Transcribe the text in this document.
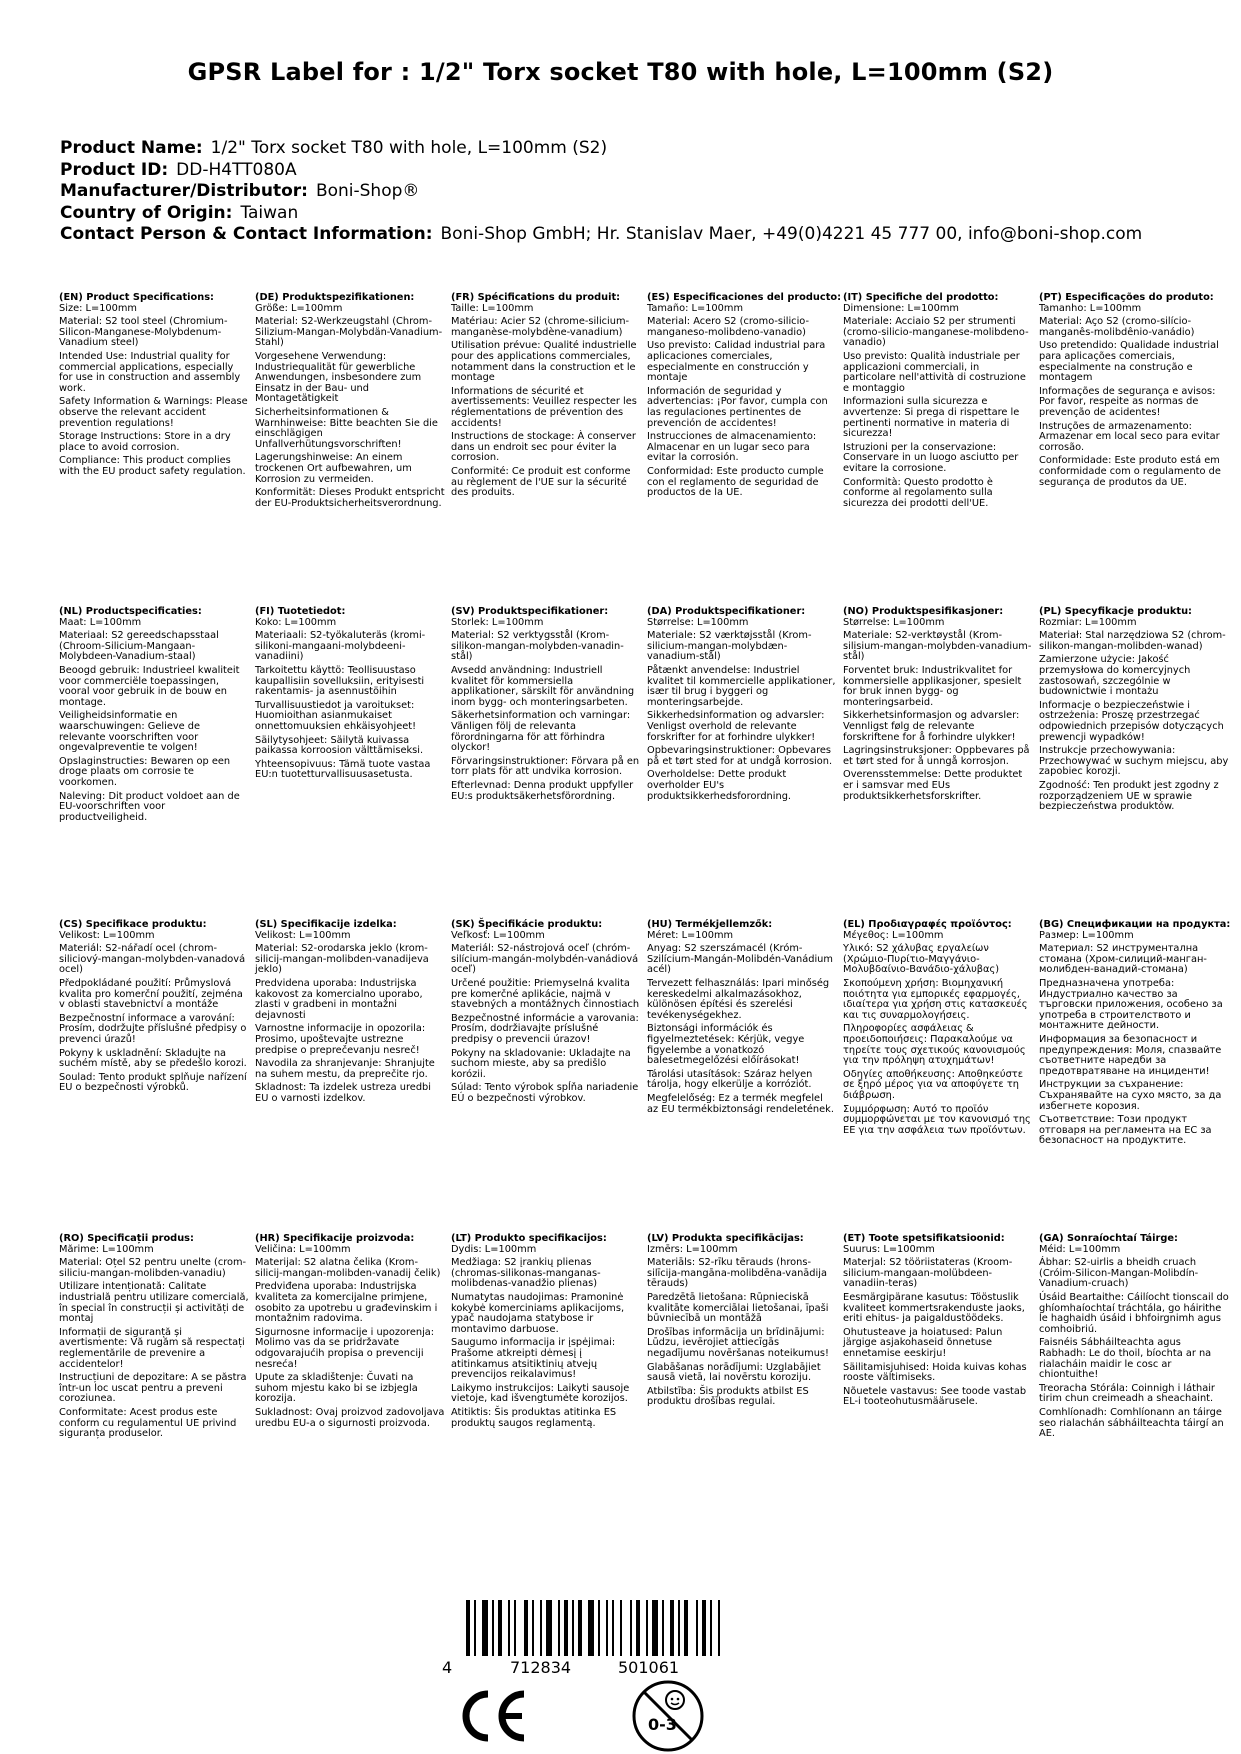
GPSR Label for : 1/2" Torx socket T80 with hole, L=100mm (S2)
Product Name: 1/2" Torx socket T80 with hole, L=100mm (S2)
Product ID: DD-H4TT080A
Manufacturer/Distributor: Boni-Shop®
Country of Origin: Taiwan
Contact Person & Contact Information: Boni-Shop GmbH; Hr. Stanislav Maer, +49(0)4221 45 777 00, info@boni-shop.com
(EN) Product Specifications:
Size: L=100mm
Material: S2 tool steel (Chromium-Silicon-Manganese-Molybdenum-Vanadium steel)
Intended Use: Industrial quality for commercial applications, especially for use in construction and assembly work.
Safety Information & Warnings: Please observe the relevant accident prevention regulations!
Storage Instructions: Store in a dry place to avoid corrosion.
Compliance: This product complies with the EU product safety regulation.
(DE) Produktspezifikationen:
Größe: L=100mm
Material: S2-Werkzeugstahl (Chrom-Silizium-Mangan-Molybdän-Vanadium-Stahl)
Vorgesehene Verwendung: Industriequalität für gewerbliche Anwendungen, insbesondere zum Einsatz in der Bau- und Montagetätigkeit
Sicherheitsinformationen & Warnhinweise: Bitte beachten Sie die einschlägigen Unfallverhütungsvorschriften!
Lagerungshinweise: An einem trockenen Ort aufbewahren, um Korrosion zu vermeiden.
Konformität: Dieses Produkt entspricht der EU-Produktsicherheitsverordnung.
(FR) Spécifications du produit:
Taille: L=100mm
Matériau: Acier S2 (chrome-silicium-manganèse-molybdène-vanadium)
Utilisation prévue: Qualité industrielle pour des applications commerciales, notamment dans la construction et le montage
Informations de sécurité et avertissements: Veuillez respecter les réglementations de prévention des accidents!
Instructions de stockage: À conserver dans un endroit sec pour éviter la corrosion.
Conformité: Ce produit est conforme au règlement de l'UE sur la sécurité des produits.
(ES) Especificaciones del producto:
Tamaño: L=100mm
Material: Acero S2 (cromo-silicio-manganeso-molibdeno-vanadio)
Uso previsto: Calidad industrial para aplicaciones comerciales, especialmente en construcción y montaje
Información de seguridad y advertencias: ¡Por favor, cumpla con las regulaciones pertinentes de prevención de accidentes!
Instrucciones de almacenamiento: Almacenar en un lugar seco para evitar la corrosión.
Conformidad: Este producto cumple con el reglamento de seguridad de productos de la UE.
(IT) Specifiche del prodotto:
Dimensione: L=100mm
Materiale: Acciaio S2 per strumenti (cromo-silicio-manganese-molibdeno-vanadio)
Uso previsto: Qualità industriale per applicazioni commerciali, in particolare nell'attività di costruzione e montaggio
Informazioni sulla sicurezza e avvertenze: Si prega di rispettare le pertinenti normative in materia di sicurezza!
Istruzioni per la conservazione: Conservare in un luogo asciutto per evitare la corrosione.
Conformità: Questo prodotto è conforme al regolamento sulla sicurezza dei prodotti dell'UE.
(PT) Especificações do produto:
Tamanho: L=100mm
Material: Aço S2 (cromo-silício-manganês-molibdênio-vanádio)
Uso pretendido: Qualidade industrial para aplicações comerciais, especialmente na construção e montagem
Informações de segurança e avisos: Por favor, respeite as normas de prevenção de acidentes!
Instruções de armazenamento: Armazenar em local seco para evitar corrosão.
Conformidade: Este produto está em conformidade com o regulamento de segurança de produtos da UE.
(NL) Productspecificaties:
Maat: L=100mm
Materiaal: S2 gereedschapsstaal (Chroom-Silicium-Mangaan-Molybdeen-Vanadium-staal)
Beoogd gebruik: Industrieel kwaliteit voor commerciële toepassingen, vooral voor gebruik in de bouw en montage.
Veiligheidsinformatie en waarschuwingen: Gelieve de relevante voorschriften voor ongevalpreventie te volgen!
Opslaginstructies: Bewaren op een droge plaats om corrosie te voorkomen.
Naleving: Dit product voldoet aan de EU-voorschriften voor productveiligheid.
(FI) Tuotetiedot:
Koko: L=100mm
Materiaali: S2-työkaluteräs (kromi-silikoni-mangaani-molybdeeni-vanadiini)
Tarkoitettu käyttö: Teollisuustaso kaupallisiin sovelluksiin, erityisesti rakentamis- ja asennustöihin
Turvallisuustiedot ja varoitukset: Huomioithan asianmukaiset onnettomuuksien ehkäisyohjeet!
Säilytysohjeet: Säilytä kuivassa paikassa korroosion välttämiseksi.
Yhteensopivuus: Tämä tuote vastaa EU:n tuotetturvallisuusasetusta.
(SV) Produktspecifikationer:
Storlek: L=100mm
Material: S2 verktygsstål (Krom-silikon-mangan-molybden-vanadin-stål)
Avsedd användning: Industriell kvalitet för kommersiella applikationer, särskilt för användning inom bygg- och monteringsarbeten.
Säkerhetsinformation och varningar: Vänligen följ de relevanta förordningarna för att förhindra olyckor!
Förvaringsinstruktioner: Förvara på en torr plats för att undvika korrosion.
Efterlevnad: Denna produkt uppfyller EU:s produktsäkerhetsförordning.
(DA) Produktspecifikationer:
Størrelse: L=100mm
Materiale: S2 værktøjsstål (Krom-silicium-mangan-molybdæn-vanadium-stål)
Påtænkt anvendelse: Industriel kvalitet til kommercielle applikationer, især til brug i byggeri og monteringsarbejde.
Sikkerhedsinformation og advarsler: Venligst overhold de relevante forskrifter for at forhindre ulykker!
Opbevaringsinstruktioner: Opbevares på et tørt sted for at undgå korrosion.
Overholdelse: Dette produkt overholder EU's produktsikkerhedsforordning.
(NO) Produktspesifikasjoner:
Størrelse: L=100mm
Materiale: S2-verktøystål (Krom-silisium-mangan-molybden-vanadium-stål)
Forventet bruk: Industrikvalitet for kommersielle applikasjoner, spesielt for bruk innen bygg- og monteringsarbeid.
Sikkerhetsinformasjon og advarsler: Vennligst følg de relevante forskriftene for å forhindre ulykker!
Lagringsinstruksjoner: Oppbevares på et tørt sted for å unngå korrosjon.
Overensstemmelse: Dette produktet er i samsvar med EUs produktsikkerhetsforskrifter.
(PL) Specyfikacje produktu:
Rozmiar: L=100mm
Materiał: Stal narzędziowa S2 (chrom-silikon-mangan-molibden-wanad)
Zamierzone użycie: Jakość przemysłowa do komercyjnych zastosowań, szczególnie w budownictwie i montażu
Informacje o bezpieczeństwie i ostrzeżenia: Proszę przestrzegać odpowiednich przepisów dotyczących prewencji wypadków!
Instrukcje przechowywania: Przechowywać w suchym miejscu, aby zapobiec korozji.
Zgodność: Ten produkt jest zgodny z rozporządzeniem UE w sprawie bezpieczeństwa produktów.
(CS) Specifikace produktu:
Velikost: L=100mm
Materiál: S2-nářadí ocel (chrom-siliciový-mangan-molybden-vanadová ocel)
Předpokládané použití: Průmyslová kvalita pro komerční použití, zejména v oblasti stavebnictví a montáže
Bezpečnostní informace a varování: Prosím, dodržujte příslušné předpisy o prevenci úrazů!
Pokyny k uskladnění: Skladujte na suchém místě, aby se předešlo korozi.
Soulad: Tento produkt splňuje nařízení EU o bezpečnosti výrobků.
(SL) Specifikacije izdelka:
Velikost: L=100mm
Material: S2-orodarska jeklo (krom-silicij-mangan-molibden-vanadijeva jeklo)
Predvidena uporaba: Industrijska kakovost za komercialno uporabo, zlasti v gradbeni in montažni dejavnosti
Varnostne informacije in opozorila: Prosimo, upoštevajte ustrezne predpise o preprečevanju nesreč!
Navodila za shranjevanje: Shranjujte na suhem mestu, da preprečite rjo.
Skladnost: Ta izdelek ustreza uredbi EU o varnosti izdelkov.
(SK) Špecifikácie produktu:
Veľkosť: L=100mm
Materiál: S2-nástrojová oceľ (chróm-silícium-mangán-molybdén-vanádiová oceľ)
Určené použitie: Priemyselná kvalita pre komerčné aplikácie, najmä v stavebných a montážnych činnostiach
Bezpečnostné informácie a varovania: Prosím, dodržiavajte príslušné predpisy o prevencii úrazov!
Pokyny na skladovanie: Ukladajte na suchom mieste, aby sa predišlo korózii.
Súlad: Tento výrobok spĺňa nariadenie EÚ o bezpečnosti výrobkov.
(HU) Termékjellemzők:
Méret: L=100mm
Anyag: S2 szerszámacél (Króm-Szilícium-Mangán-Molibdén-Vanádium acél)
Tervezett felhasználás: Ipari minőség kereskedelmi alkalmazásokhoz, különösen építési és szerelési tevékenységekhez.
Biztonsági információk és figyelmeztetések: Kérjük, vegye figyelembe a vonatkozó balesetmegelőzési előírásokat!
Tárolási utasítások: Száraz helyen tárolja, hogy elkerülje a korróziót.
Megfelelőség: Ez a termék megfelel az EU termékbiztonsági rendeletének.
(EL) Προδιαγραφές προϊόντος:
Μέγεθος: L=100mm
Υλικό: S2 χάλυβας εργαλείων (Χρώμιο-Πυρίτιο-Μαγγάνιο-Μολυβδαίνιο-Βανάδιο-χάλυβας)
Σκοπούμενη χρήση: Βιομηχανική ποιότητα για εμπορικές εφαρμογές, ιδιαίτερα για χρήση στις κατασκευές και τις συναρμολογήσεις.
Πληροφορίες ασφάλειας & προειδοποιήσεις: Παρακαλούμε να τηρείτε τους σχετικούς κανονισμούς για την πρόληψη ατυχημάτων!
Οδηγίες αποθήκευσης: Αποθηκεύστε σε ξηρό μέρος για να αποφύγετε τη διάβρωση.
Συμμόρφωση: Αυτό το προϊόν συμμορφώνεται με τον κανονισμό της ΕΕ για την ασφάλεια των προϊόντων.
(BG) Спецификации на продукта:
Размер: L=100mm
Материал: S2 инструментална стомана (Хром-силиций-манган-молибден-ванадий-стомана)
Предназначена употреба: Индустриално качество за търговски приложения, особено за употреба в строителството и монтажните дейности.
Информация за безопасност и предупреждения: Моля, спазвайте съответните наредби за предотвратяване на инциденти!
Инструкции за съхранение: Съхранявайте на сухо място, за да избегнете корозия.
Съответствие: Този продукт отговаря на регламента на ЕС за безопасност на продуктите.
(RO) Specificații produs:
Mărime: L=100mm
Material: Oțel S2 pentru unelte (crom-siliciu-mangan-molibden-vanadiu)
Utilizare intenționată: Calitate industrială pentru utilizare comercială, în special în construcții și activități de montaj
Informații de siguranță și avertismente: Vă rugăm să respectați reglementările de prevenire a accidentelor!
Instrucțiuni de depozitare: A se păstra într-un loc uscat pentru a preveni coroziunea.
Conformitate: Acest produs este conform cu regulamentul UE privind siguranța produselor.
(HR) Specifikacije proizvoda:
Veličina: L=100mm
Materijal: S2 alatna čelika (Krom-silicij-mangan-molibden-vanadij čelik)
Predviđena uporaba: Industrijska kvaliteta za komercijalne primjene, osobito za upotrebu u građevinskim i montažnim radovima.
Sigurnosne informacije i upozorenja: Molimo vas da se pridržavate odgovarajućih propisa o prevenciji nesreća!
Upute za skladištenje: Čuvati na suhom mjestu kako bi se izbjegla korozija.
Sukladnost: Ovaj proizvod zadovoljava uredbu EU-a o sigurnosti proizvoda.
(LT) Produkto specifikacijos:
Dydis: L=100mm
Medžiaga: S2 įrankių plienas (chromas-silikonas-manganas-molibdenas-vanadžio plienas)
Numatytas naudojimas: Pramoninė kokybė komerciniams aplikacijoms, ypač naudojama statybose ir montavimo darbuose.
Saugumo informacija ir įspėjimai: Prašome atkreipti dėmesį į atitinkamus atsitiktinių atvejų prevencijos reikalavimus!
Laikymo instrukcijos: Laikyti sausoje vietoje, kad išvengtumėte korozijos.
Atitiktis: Šis produktas atitinka ES produktų saugos reglamentą.
(LV) Produkta specifikācijas:
Izmērs: L=100mm
Materiāls: S2-rīku tērauds (hrons-silīcija-mangāna-molibdēna-vanādija tērauds)
Paredzētā lietošana: Rūpnieciskā kvalitāte komerciālai lietošanai, īpaši būvniecībā un montāžā
Drošības informācija un brīdinājumi: Lūdzu, ievērojiet attiecīgās negadījumu novēršanas noteikumus!
Glabāšanas norādījumi: Uzglabājiet sausā vietā, lai novērstu koroziju.
Atbilstība: Šis produkts atbilst ES produktu drošības regulai.
(ET) Toote spetsifikatsioonid:
Suurus: L=100mm
Materjal: S2 tööriistateras (Kroom-silicium-mangaan-molübdeen-vanadiin-teras)
Eesmärgipärane kasutus: Tööstuslik kvaliteet kommertsrakenduste jaoks, eriti ehitus- ja paigaldustöödeks.
Ohutusteave ja hoiatused: Palun järgige asjakohaseid õnnetuse ennetamise eeskirju!
Säilitamisjuhised: Hoida kuivas kohas rooste vältimiseks.
Nõuetele vastavus: See toode vastab EL-i tooteohutusmäärusele.
(GA) Sonraíochtaí Táirge:
Méid: L=100mm
Ábhar: S2-uirlis a bheidh cruach (Cróim-Silicon-Mangan-Molibdín-Vanadium-cruach)
Úsáid Beartaithe: Cáilíocht tionscail do ghíomhaíochtaí tráchtála, go háirithe le haghaidh úsáid i bhfoirgnimh agus comhoibriú.
Faisnéis Sábháilteachta agus Rabhadh: Le do thoil, bíochta ar na rialacháin maidir le cosc ar chiontuithe!
Treoracha Stórála: Coinnigh i láthair tirim chun creimeadh a sheachaint.
Comhlíonadh: Comhlíonann an táirge seo rialachán sábháilteachta táirgí an AE.
4	712834	501061
0-3
